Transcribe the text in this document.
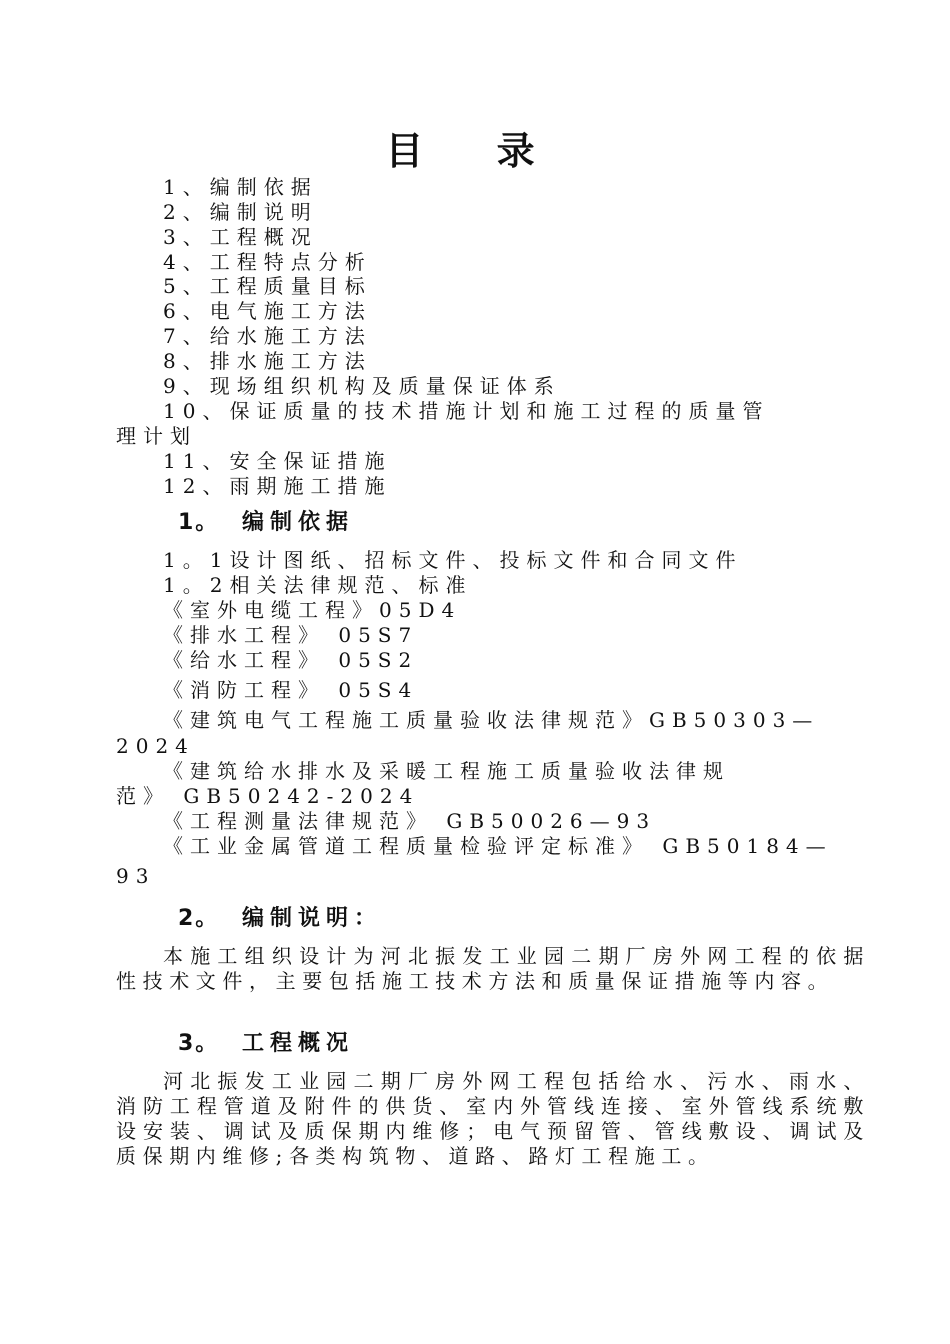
目 录
1、编制依据
2、编制说明
3、工程概况
4、工程特点分析
5、工程质量目标
6、电气施工方法
7、给水施工方法
8、排水施工方法
9、现场组织机构及质量保证体系
10、保证质量的技术措施计划和施工过程的质量管
理计划
11、安全保证措施
12、雨期施工措施
1。 编制依据
1。1设计图纸、招标文件、投标文件和合同文件
1。2相关法律规范、标准
《室外电缆工程》05D4
《排水工程》 05S7
《给水工程》 05S2
《消防工程》 05S4
《建筑电气工程施工质量验收法律规范》GB50303—
2024
《建筑给水排水及采暖工程施工质量验收法律规
范》 GB50242-2024
《工程测量法律规范》 GB50026—93
《工业金属管道工程质量检验评定标准》 GB50184—
93
2。 编制说明：
本施工组织设计为河北振发工业园二期厂房外网工程的依据性技术文件，主要包括施工技术方法和质量保证措施等内容。
3。 工程概况
河北振发工业园二期厂房外网工程包括给水、污水、雨水、消防工程管道及附件的供货、室内外管线连接、室外管线系统敷设安装、调试及质保期内维修；电气预留管、管线敷设、调试及质保期内维修;各类构筑物、道路、路灯工程施工。
